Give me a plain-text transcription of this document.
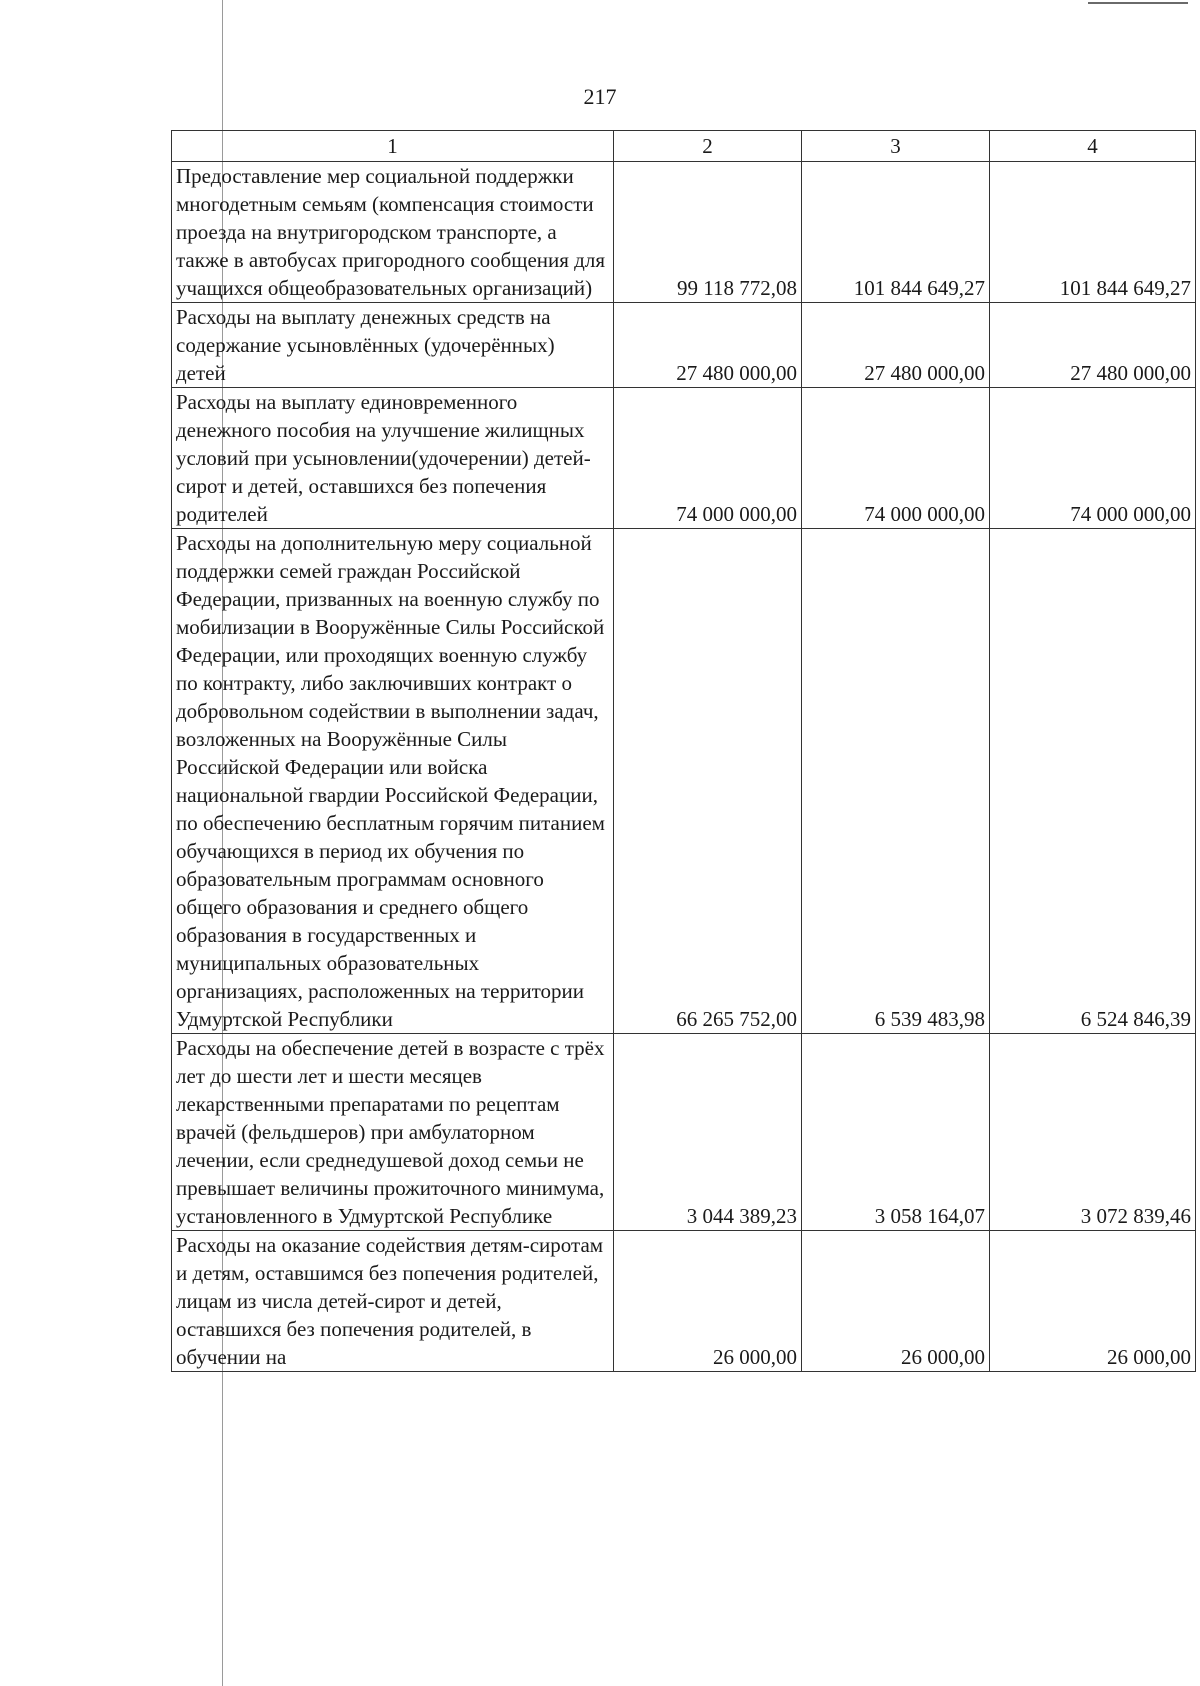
217
1	2	3	4
Предоставление мер социальной поддержки многодетным семьям (компенсация стоимости проезда на внутригородском транспорте, а также в автобусах пригородного сообщения для учащихся общеобразовательных организаций)	99 118 772,08	101 844 649,27	101 844 649,27
Расходы на выплату денежных средств на содержание усыновлённых (удочерённых) детей	27 480 000,00	27 480 000,00	27 480 000,00
Расходы на выплату единовременного денежного пособия на улучшение жилищных условий при усыновлении(удочерении) детей-сирот и детей, оставшихся без попечения родителей	74 000 000,00	74 000 000,00	74 000 000,00
Расходы на дополнительную меру социальной поддержки семей граждан Российской Федерации, призванных на военную службу по мобилизации в Вооружённые Силы Российской Федерации, или проходящих военную службу по контракту, либо заключивших контракт о добровольном содействии в выполнении задач, возложенных на Вооружённые Силы Российской Федерации или войска национальной гвардии Российской Федерации, по обеспечению бесплатным горячим питанием обучающихся в период их обучения по образовательным программам основного общего образования и среднего общего образования в государственных и муниципальных образовательных организациях, расположенных на территории Удмуртской Республики	66 265 752,00	6 539 483,98	6 524 846,39
Расходы на обеспечение детей в возрасте с трёх лет до шести лет и шести месяцев лекарственными препаратами по рецептам врачей (фельдшеров) при амбулаторном лечении, если среднедушевой доход семьи не превышает величины прожиточного минимума, установленного в Удмуртской Республике	3 044 389,23	3 058 164,07	3 072 839,46
Расходы на оказание содействия детям-сиротам и детям, оставшимся без попечения родителей, лицам из числа детей-сирот и детей, оставшихся без попечения родителей, в обучении на	26 000,00	26 000,00	26 000,00
